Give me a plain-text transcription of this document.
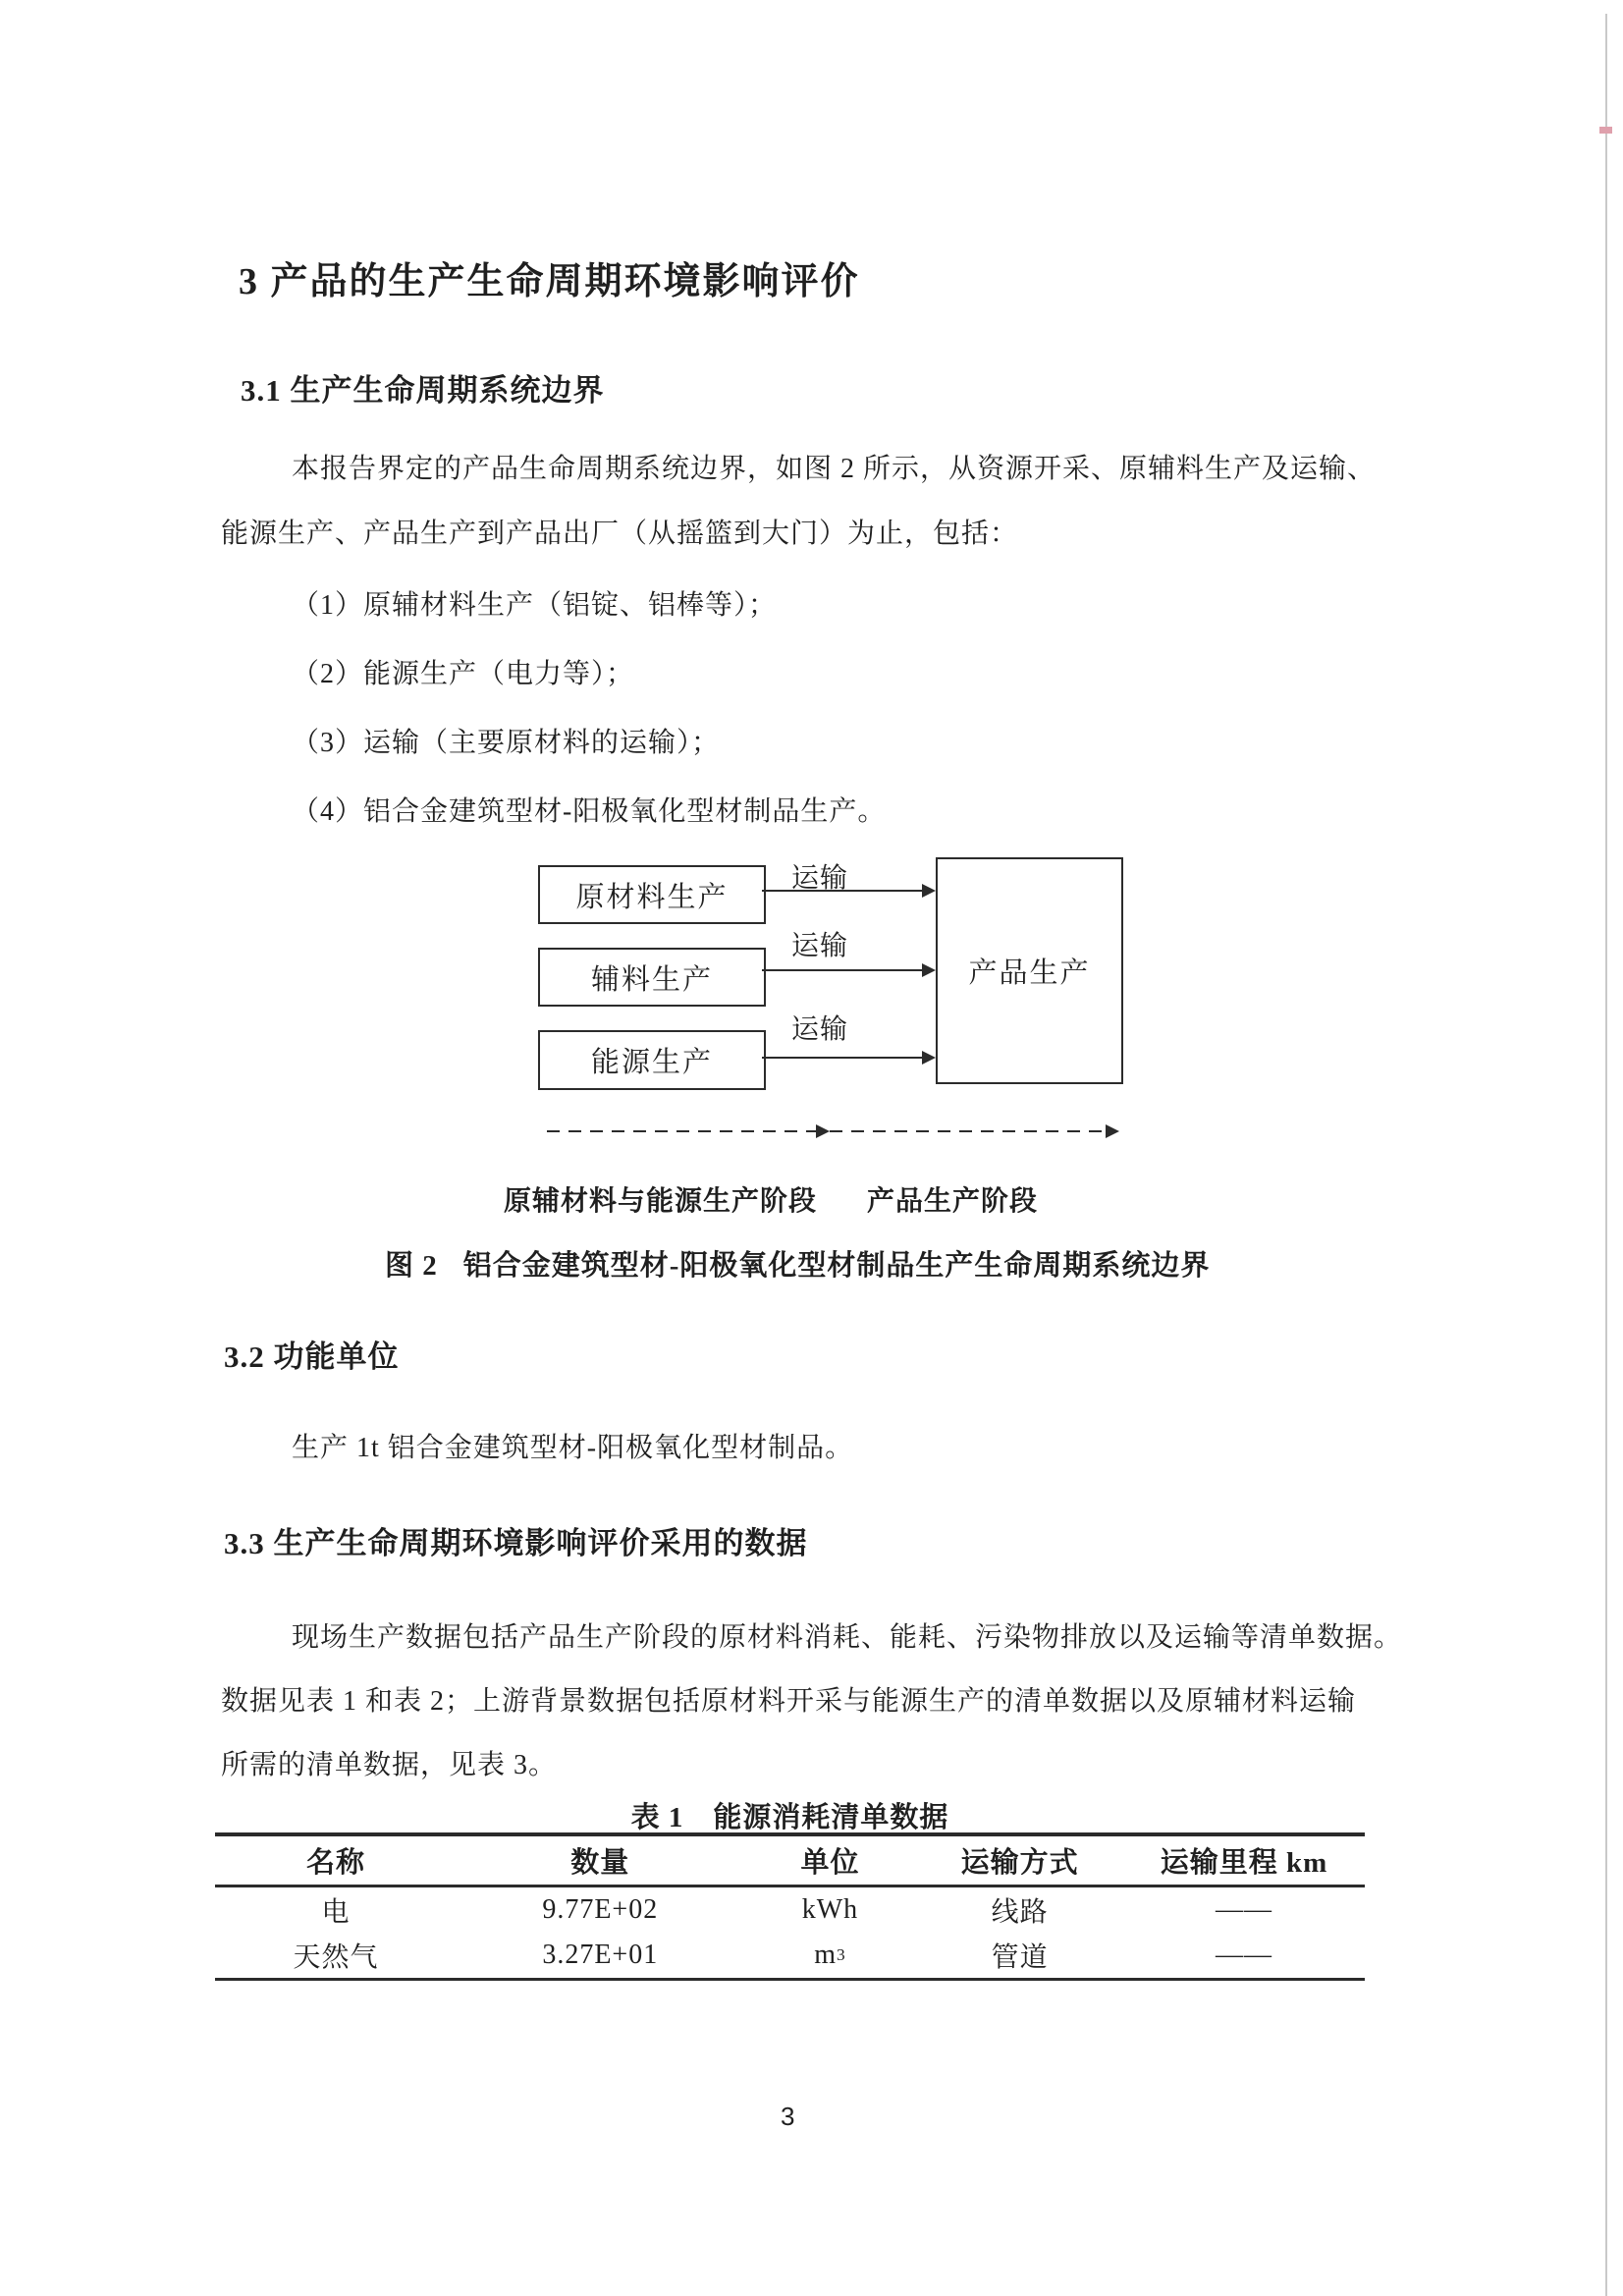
3 产品的生产生命周期环境影响评价
3.1 生产生命周期系统边界
本报告界定的产品生命周期系统边界，如图 2 所示，从资源开采、原辅料生产及运输、
能源生产、产品生产到产品出厂（从摇篮到大门）为止，包括：
（1）原辅材料生产（铝锭、铝棒等）；
（2）能源生产（电力等）；
（3）运输（主要原材料的运输）；
（4）铝合金建筑型材-阳极氧化型材制品生产。
原材料生产
辅料生产
能源生产
产品生产
运输
运输
运输
原辅材料与能源生产阶段 产品生产阶段
图 2 铝合金建筑型材-阳极氧化型材制品生产生命周期系统边界
3.2 功能单位
生产 1t 铝合金建筑型材-阳极氧化型材制品。
3.3 生产生命周期环境影响评价采用的数据
现场生产数据包括产品生产阶段的原材料消耗、能耗、污染物排放以及运输等清单数据。
数据见表 1 和表 2；上游背景数据包括原材料开采与能源生产的清单数据以及原辅材料运输
所需的清单数据，见表 3。
表 1　能源消耗清单数据
名称	数量	单位	运输方式	运输里程 km
电	9.77E+02	kWh	线路	——
天然气	3.27E+01	m 3	管道	——
3
